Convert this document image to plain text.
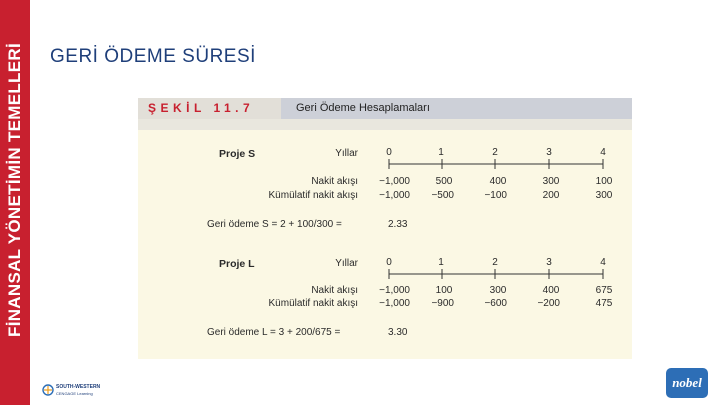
FİNANSAL YÖNETİMİN TEMELLERİ GERİ ÖDEME SÜRESİ
ŞEKİL 11.7	Geri Ödeme Hesaplamaları
Proje S	Yıllar	0	1	2	3	4
Nakit akışı	−1,000	500	400	300	100
Kümülatif nakit akışı	−1,000	−500	−100	200	300
Geri ödeme S = 2 + 100/300 =	2.33
Proje L	Yıllar	0	1	2	3	4
Nakit akışı	−1,000	100	300	400	675
Kümülatif nakit akışı	−1,000	−900	−600	−200	475
Geri ödeme L = 3 + 200/675 =	3.30
SOUTH-WESTERN
CENGAGE Learning
nobel
